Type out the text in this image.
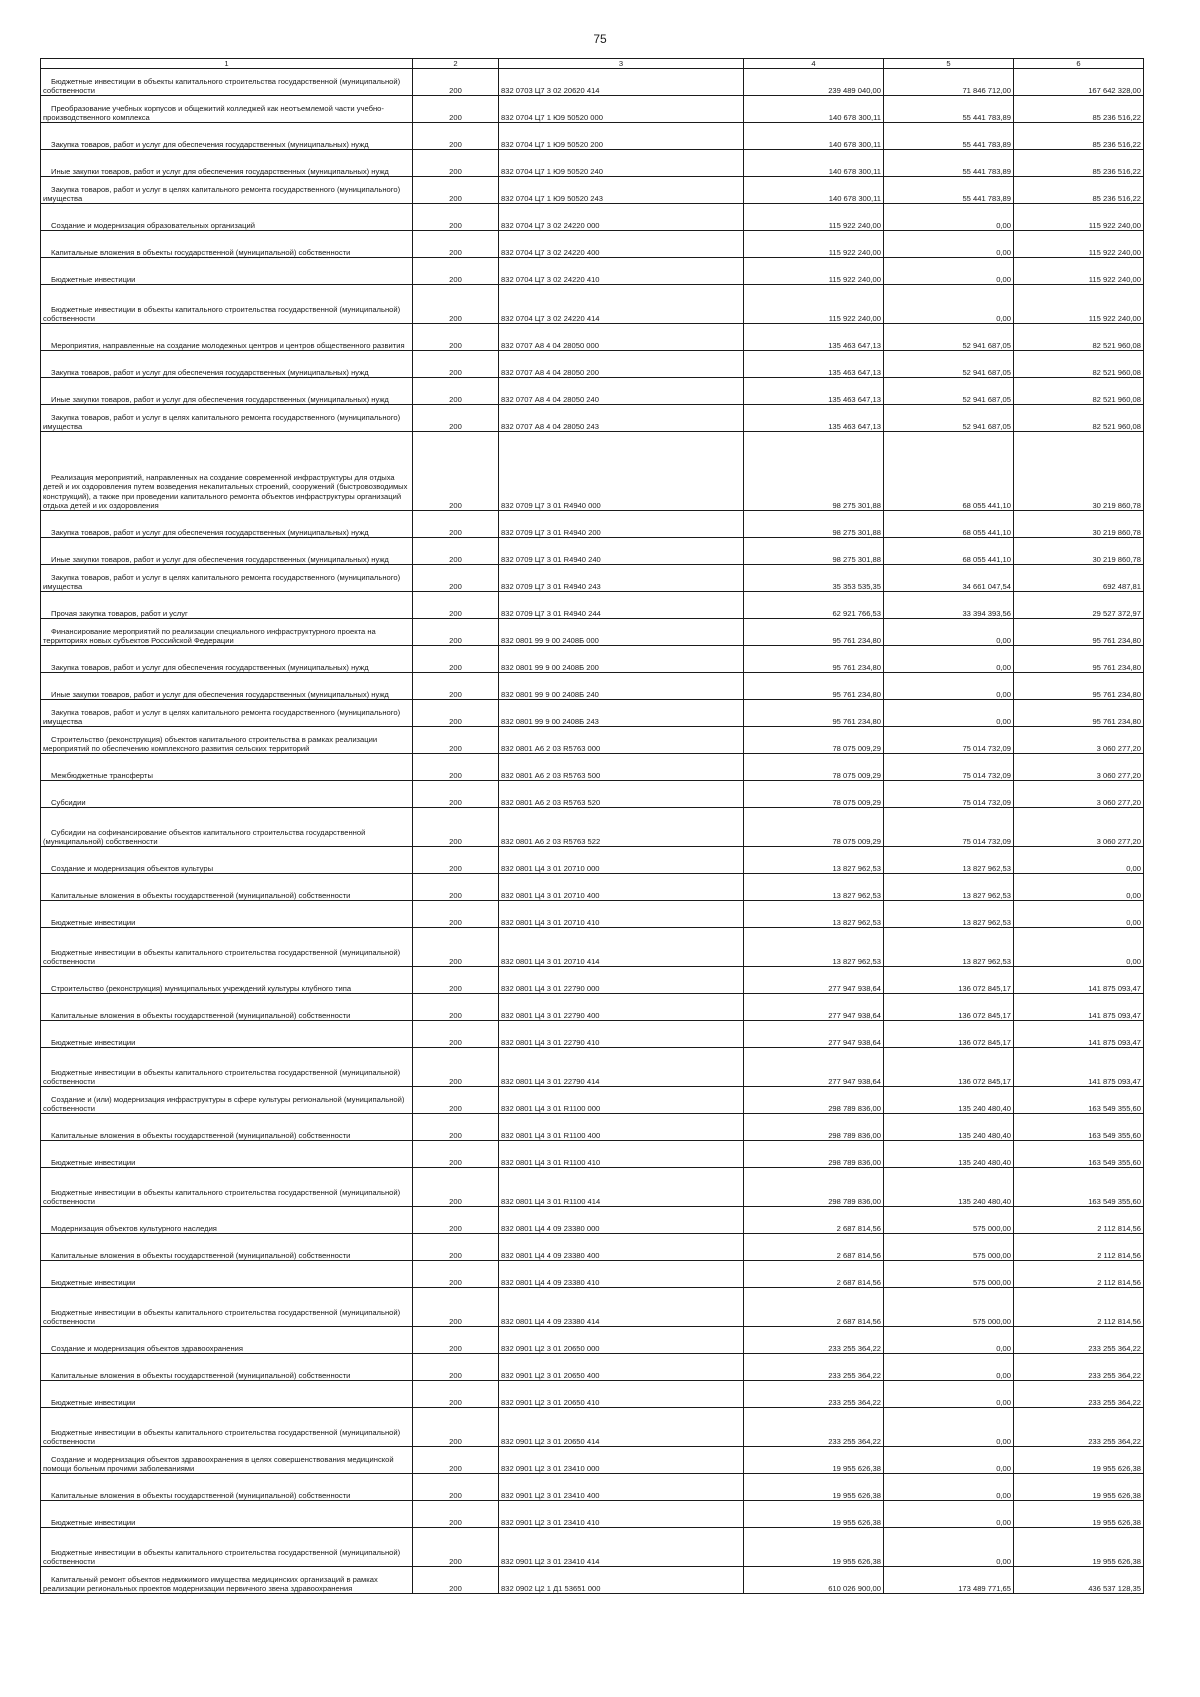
75
1	2	3	4	5	6
Бюджетные инвестиции в объекты капитального строительства государственной (муниципальной) собственности	200	832 0703 Ц7 3 02 20620 414	239 489 040,00	71 846 712,00	167 642 328,00
Преобразование учебных корпусов и общежитий колледжей как неотъемлемой части учебно-производственного комплекса	200	832 0704 Ц7 1 Ю9 50520 000	140 678 300,11	55 441 783,89	85 236 516,22
Закупка товаров, работ и услуг для обеспечения государственных (муниципальных) нужд	200	832 0704 Ц7 1 Ю9 50520 200	140 678 300,11	55 441 783,89	85 236 516,22
Иные закупки товаров, работ и услуг для обеспечения государственных (муниципальных) нужд	200	832 0704 Ц7 1 Ю9 50520 240	140 678 300,11	55 441 783,89	85 236 516,22
Закупка товаров, работ и услуг в целях капитального ремонта государственного (муниципального) имущества	200	832 0704 Ц7 1 Ю9 50520 243	140 678 300,11	55 441 783,89	85 236 516,22
Создание и модернизация образовательных организаций	200	832 0704 Ц7 3 02 24220 000	115 922 240,00	0,00	115 922 240,00
Капитальные вложения в объекты государственной (муниципальной) собственности	200	832 0704 Ц7 3 02 24220 400	115 922 240,00	0,00	115 922 240,00
Бюджетные инвестиции	200	832 0704 Ц7 3 02 24220 410	115 922 240,00	0,00	115 922 240,00
Бюджетные инвестиции в объекты капитального строительства государственной (муниципальной) собственности	200	832 0704 Ц7 3 02 24220 414	115 922 240,00	0,00	115 922 240,00
Мероприятия, направленные на создание молодежных центров и центров общественного развития	200	832 0707 А8 4 04 28050 000	135 463 647,13	52 941 687,05	82 521 960,08
Закупка товаров, работ и услуг для обеспечения государственных (муниципальных) нужд	200	832 0707 А8 4 04 28050 200	135 463 647,13	52 941 687,05	82 521 960,08
Иные закупки товаров, работ и услуг для обеспечения государственных (муниципальных) нужд	200	832 0707 А8 4 04 28050 240	135 463 647,13	52 941 687,05	82 521 960,08
Закупка товаров, работ и услуг в целях капитального ремонта государственного (муниципального) имущества	200	832 0707 А8 4 04 28050 243	135 463 647,13	52 941 687,05	82 521 960,08
Реализация мероприятий, направленных на создание современной инфраструктуры для отдыха детей и их оздоровления путем возведения некапитальных строений, сооружений (быстровозводимых конструкций), а также при проведении капитального ремонта объектов инфраструктуры организаций отдыха детей и их оздоровления	200	832 0709 Ц7 3 01 R4940 000	98 275 301,88	68 055 441,10	30 219 860,78
Закупка товаров, работ и услуг для обеспечения государственных (муниципальных) нужд	200	832 0709 Ц7 3 01 R4940 200	98 275 301,88	68 055 441,10	30 219 860,78
Иные закупки товаров, работ и услуг для обеспечения государственных (муниципальных) нужд	200	832 0709 Ц7 3 01 R4940 240	98 275 301,88	68 055 441,10	30 219 860,78
Закупка товаров, работ и услуг в целях капитального ремонта государственного (муниципального) имущества	200	832 0709 Ц7 3 01 R4940 243	35 353 535,35	34 661 047,54	692 487,81
Прочая закупка товаров, работ и услуг	200	832 0709 Ц7 3 01 R4940 244	62 921 766,53	33 394 393,56	29 527 372,97
Финансирование мероприятий по реализации специального инфраструктурного проекта на территориях новых субъектов Российской Федерации	200	832 0801 99 9 00 2408Б 000	95 761 234,80	0,00	95 761 234,80
Закупка товаров, работ и услуг для обеспечения государственных (муниципальных) нужд	200	832 0801 99 9 00 2408Б 200	95 761 234,80	0,00	95 761 234,80
Иные закупки товаров, работ и услуг для обеспечения государственных (муниципальных) нужд	200	832 0801 99 9 00 2408Б 240	95 761 234,80	0,00	95 761 234,80
Закупка товаров, работ и услуг в целях капитального ремонта государственного (муниципального) имущества	200	832 0801 99 9 00 2408Б 243	95 761 234,80	0,00	95 761 234,80
Строительство (реконструкция) объектов капитального строительства в рамках реализации мероприятий по обеспечению комплексного развития сельских территорий	200	832 0801 А6 2 03 R5763 000	78 075 009,29	75 014 732,09	3 060 277,20
Межбюджетные трансферты	200	832 0801 А6 2 03 R5763 500	78 075 009,29	75 014 732,09	3 060 277,20
Субсидии	200	832 0801 А6 2 03 R5763 520	78 075 009,29	75 014 732,09	3 060 277,20
Субсидии на софинансирование объектов капитального строительства государственной (муниципальной) собственности	200	832 0801 А6 2 03 R5763 522	78 075 009,29	75 014 732,09	3 060 277,20
Создание и модернизация объектов культуры	200	832 0801 Ц4 3 01 20710 000	13 827 962,53	13 827 962,53	0,00
Капитальные вложения в объекты государственной (муниципальной) собственности	200	832 0801 Ц4 3 01 20710 400	13 827 962,53	13 827 962,53	0,00
Бюджетные инвестиции	200	832 0801 Ц4 3 01 20710 410	13 827 962,53	13 827 962,53	0,00
Бюджетные инвестиции в объекты капитального строительства государственной (муниципальной) собственности	200	832 0801 Ц4 3 01 20710 414	13 827 962,53	13 827 962,53	0,00
Строительство (реконструкция) муниципальных учреждений культуры клубного типа	200	832 0801 Ц4 3 01 22790 000	277 947 938,64	136 072 845,17	141 875 093,47
Капитальные вложения в объекты государственной (муниципальной) собственности	200	832 0801 Ц4 3 01 22790 400	277 947 938,64	136 072 845,17	141 875 093,47
Бюджетные инвестиции	200	832 0801 Ц4 3 01 22790 410	277 947 938,64	136 072 845,17	141 875 093,47
Бюджетные инвестиции в объекты капитального строительства государственной (муниципальной) собственности	200	832 0801 Ц4 3 01 22790 414	277 947 938,64	136 072 845,17	141 875 093,47
Создание и (или) модернизация инфраструктуры в сфере культуры региональной (муниципальной) собственности	200	832 0801 Ц4 3 01 R1100 000	298 789 836,00	135 240 480,40	163 549 355,60
Капитальные вложения в объекты государственной (муниципальной) собственности	200	832 0801 Ц4 3 01 R1100 400	298 789 836,00	135 240 480,40	163 549 355,60
Бюджетные инвестиции	200	832 0801 Ц4 3 01 R1100 410	298 789 836,00	135 240 480,40	163 549 355,60
Бюджетные инвестиции в объекты капитального строительства государственной (муниципальной) собственности	200	832 0801 Ц4 3 01 R1100 414	298 789 836,00	135 240 480,40	163 549 355,60
Модернизация объектов культурного наследия	200	832 0801 Ц4 4 09 23380 000	2 687 814,56	575 000,00	2 112 814,56
Капитальные вложения в объекты государственной (муниципальной) собственности	200	832 0801 Ц4 4 09 23380 400	2 687 814,56	575 000,00	2 112 814,56
Бюджетные инвестиции	200	832 0801 Ц4 4 09 23380 410	2 687 814,56	575 000,00	2 112 814,56
Бюджетные инвестиции в объекты капитального строительства государственной (муниципальной) собственности	200	832 0801 Ц4 4 09 23380 414	2 687 814,56	575 000,00	2 112 814,56
Создание и модернизация объектов здравоохранения	200	832 0901 Ц2 3 01 20650 000	233 255 364,22	0,00	233 255 364,22
Капитальные вложения в объекты государственной (муниципальной) собственности	200	832 0901 Ц2 3 01 20650 400	233 255 364,22	0,00	233 255 364,22
Бюджетные инвестиции	200	832 0901 Ц2 3 01 20650 410	233 255 364,22	0,00	233 255 364,22
Бюджетные инвестиции в объекты капитального строительства государственной (муниципальной) собственности	200	832 0901 Ц2 3 01 20650 414	233 255 364,22	0,00	233 255 364,22
Создание и модернизация объектов здравоохранения в целях совершенствования медицинской помощи больным прочими заболеваниями	200	832 0901 Ц2 3 01 23410 000	19 955 626,38	0,00	19 955 626,38
Капитальные вложения в объекты государственной (муниципальной) собственности	200	832 0901 Ц2 3 01 23410 400	19 955 626,38	0,00	19 955 626,38
Бюджетные инвестиции	200	832 0901 Ц2 3 01 23410 410	19 955 626,38	0,00	19 955 626,38
Бюджетные инвестиции в объекты капитального строительства государственной (муниципальной) собственности	200	832 0901 Ц2 3 01 23410 414	19 955 626,38	0,00	19 955 626,38
Капитальный ремонт объектов недвижимого имущества медицинских организаций в рамках реализации региональных проектов модернизации первичного звена здравоохранения	200	832 0902 Ц2 1 Д1 53651 000	610 026 900,00	173 489 771,65	436 537 128,35
